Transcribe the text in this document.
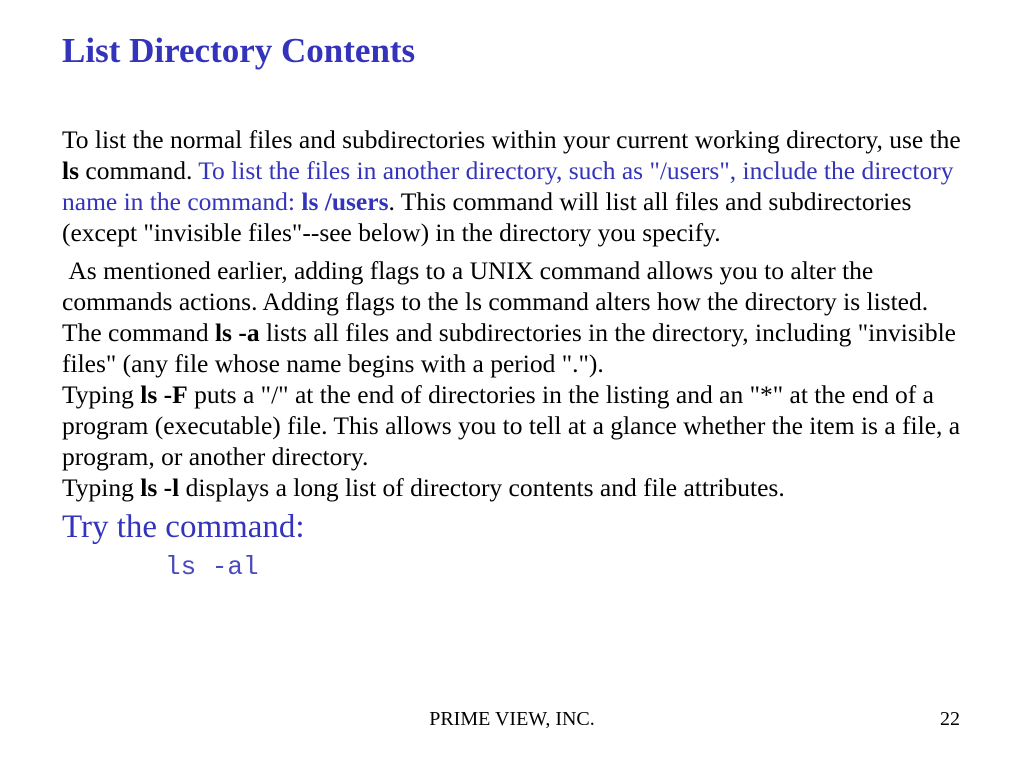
List Directory Contents

To list the normal files and subdirectories within your current working directory, use the ls command. To list the files in another directory, such as "/users", include the directory name in the command: ls /users. This command will list all files and subdirectories (except "invisible files"--see below) in the directory you specify.

As mentioned earlier, adding flags to a UNIX command allows you to alter the commands actions. Adding flags to the ls command alters how the directory is listed. The command ls -a lists all files and subdirectories in the directory, including "invisible files" (any file whose name begins with a period ".").

Typing ls -F puts a "/" at the end of directories in the listing and an "*" at the end of a program (executable) file. This allows you to tell at a glance whether the item is a file, a program, or another directory.

Typing ls -l displays a long list of directory contents and file attributes.

Try the command:
ls -al
PRIME VIEW, INC.	22
